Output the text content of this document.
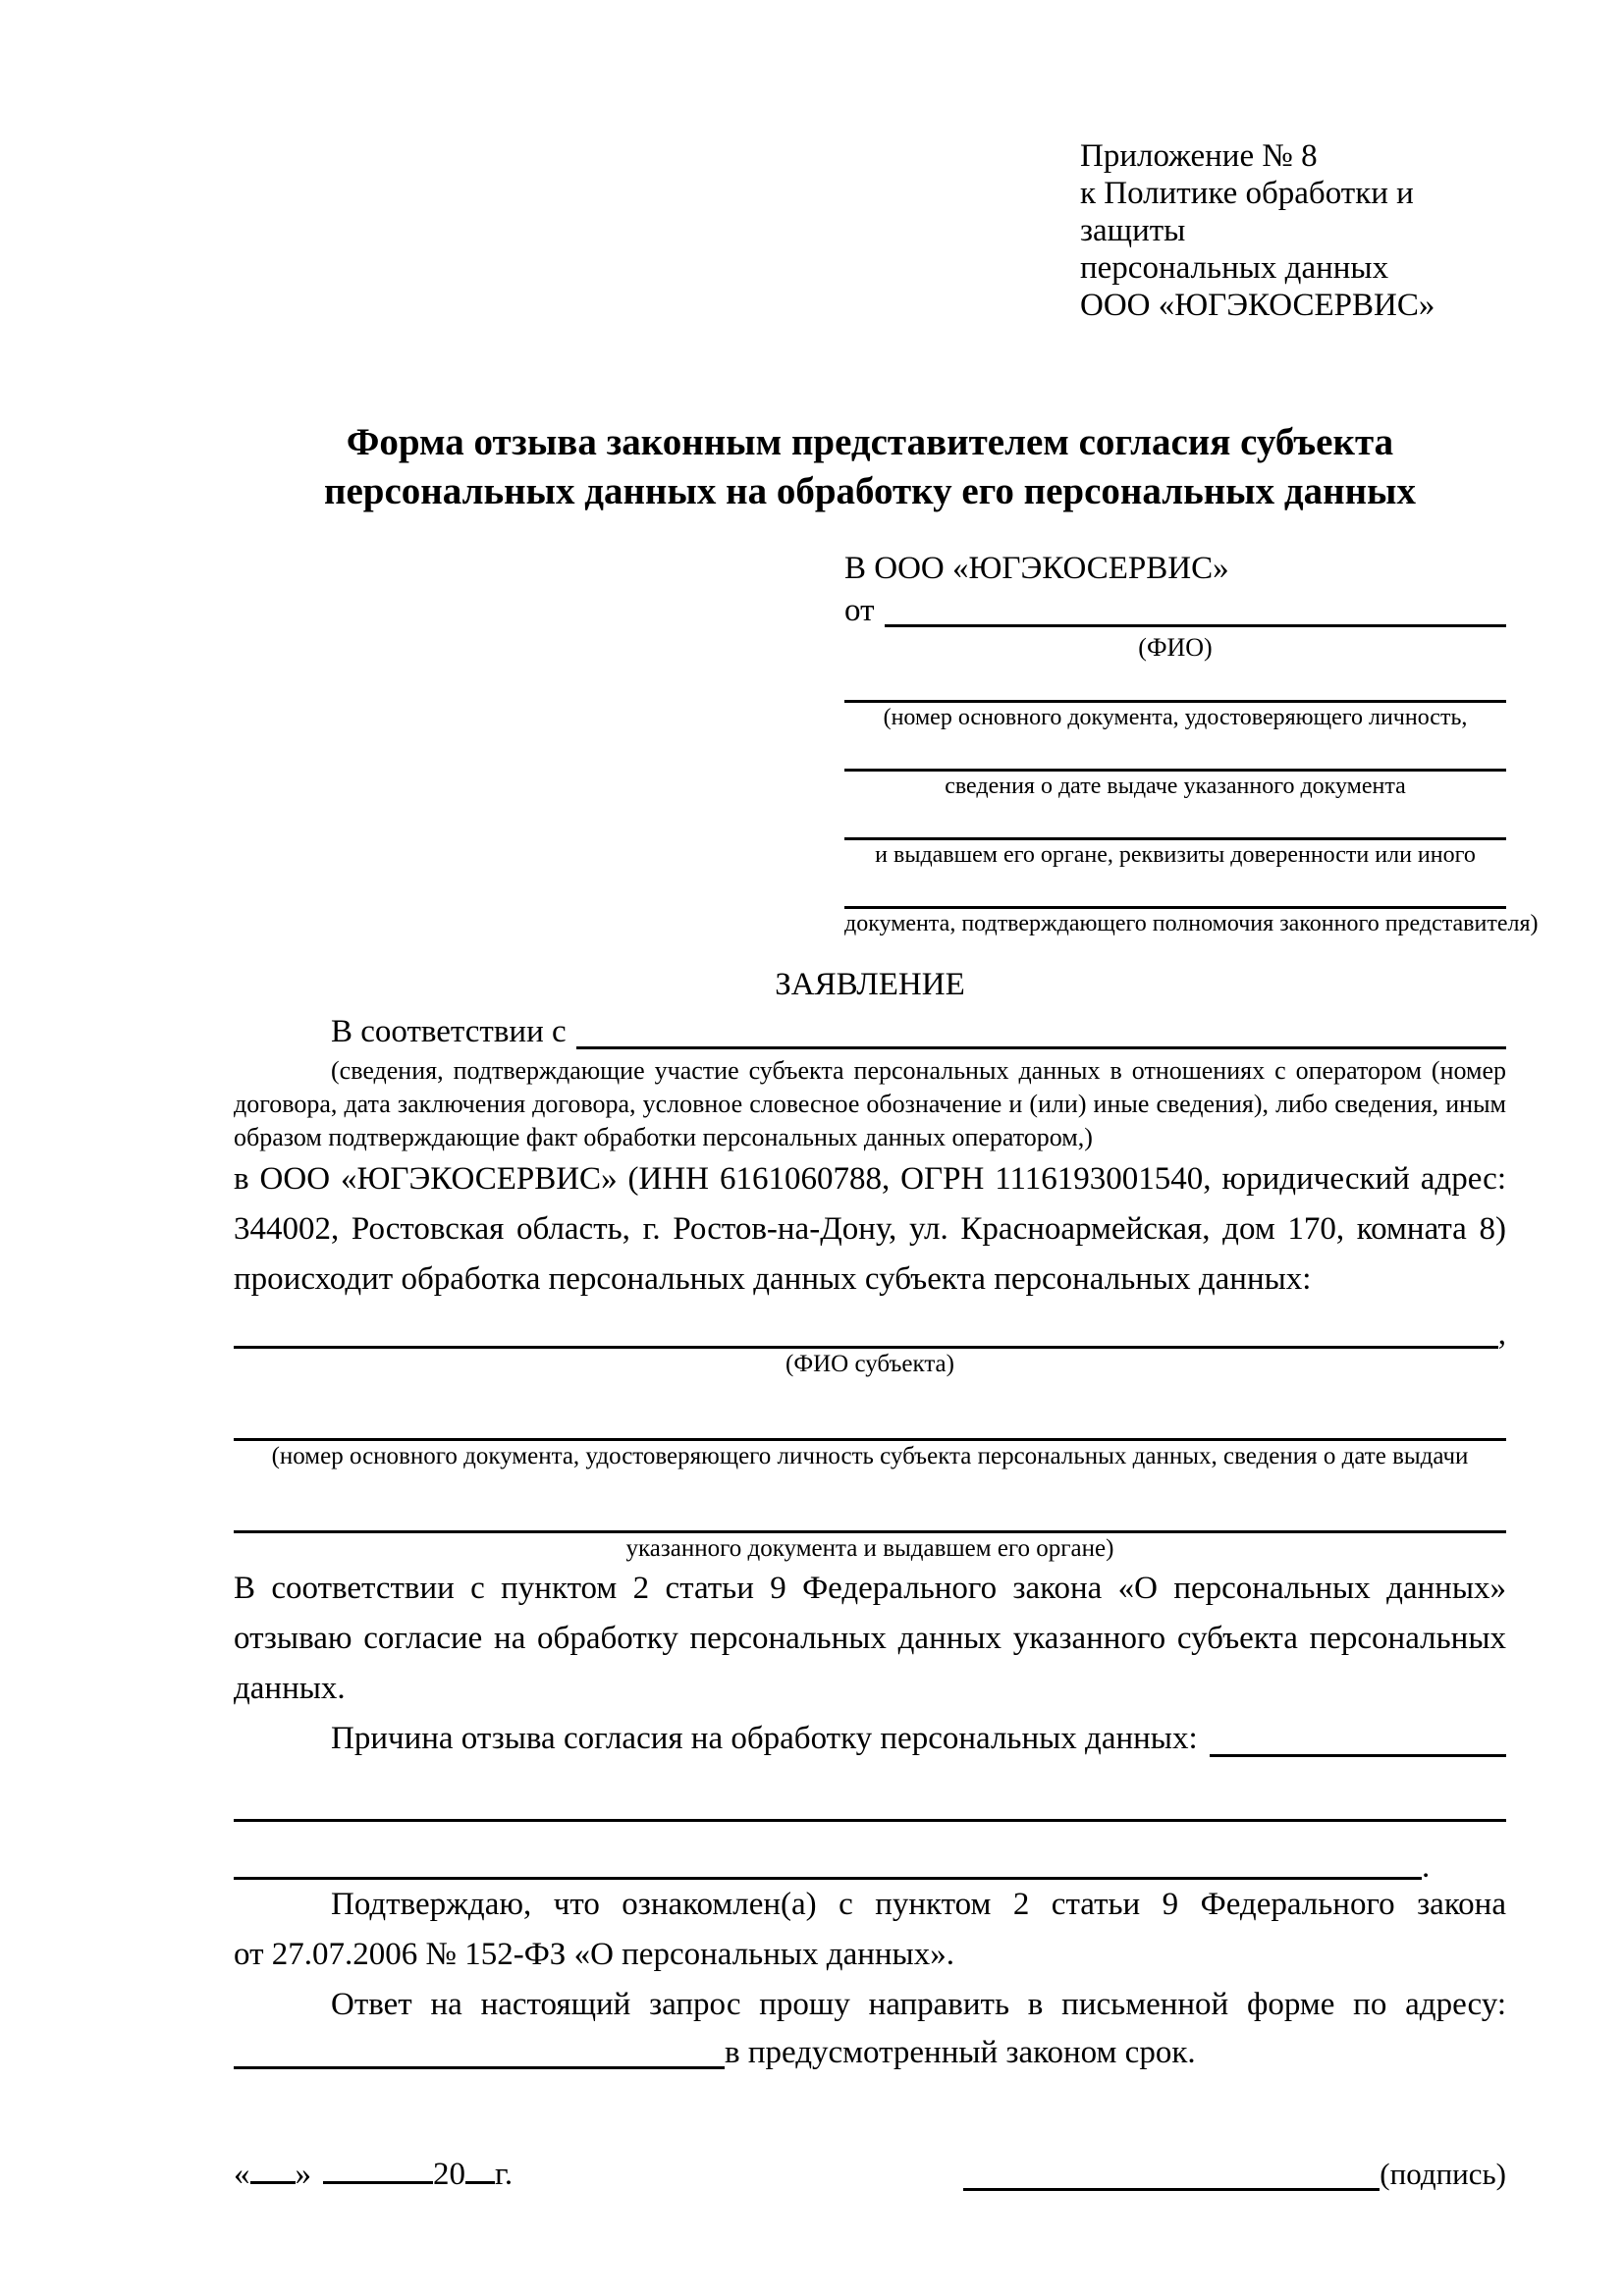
Приложение № 8
к Политике обработки и защиты
персональных данных
ООО «ЮГЭКОСЕРВИС»
Форма отзыва законным представителем согласия субъекта
персональных данных на обработку его персональных данных
В ООО «ЮГЭКОСЕРВИС»
от
(ФИО)
(номер основного документа, удостоверяющего личность,
сведения о дате выдаче указанного документа
и выдавшем его органе, реквизиты доверенности или иного
документа, подтверждающего полномочия законного представителя)
ЗАЯВЛЕНИЕ
В соответствии с
(сведения, подтверждающие участие субъекта персональных данных в отношениях с оператором (номер договора, дата заключения договора, условное словесное обозначение и (или) иные сведения), либо сведения, иным образом подтверждающие факт обработки персональных данных оператором,)
в ООО «ЮГЭКОСЕРВИС» (ИНН 6161060788, ОГРН 1116193001540, юридический адрес:
344002, Ростовская область, г. Ростов-на-Дону, ул. Красноармейская, дом 170, комната 8)
происходит обработка персональных данных субъекта персональных данных:
,
(ФИО субъекта)
(номер основного документа, удостоверяющего личность субъекта персональных данных, сведения о дате выдачи
указанного документа и выдавшем его органе)
В соответствии с пунктом 2 статьи 9 Федерального закона «О персональных данных»
отзываю согласие на обработку персональных данных указанного субъекта персональных
данных.
Причина отзыва согласия на обработку персональных данных:
.
Подтверждаю, что ознакомлен(а) с пунктом 2 статьи 9 Федерального закона
от 27.07.2006 № 152-ФЗ «О персональных данных».
Ответ на настоящий запрос прошу направить в письменной форме по адресу:
в предусмотренный законом срок.
« »	20 г.	(подпись)
